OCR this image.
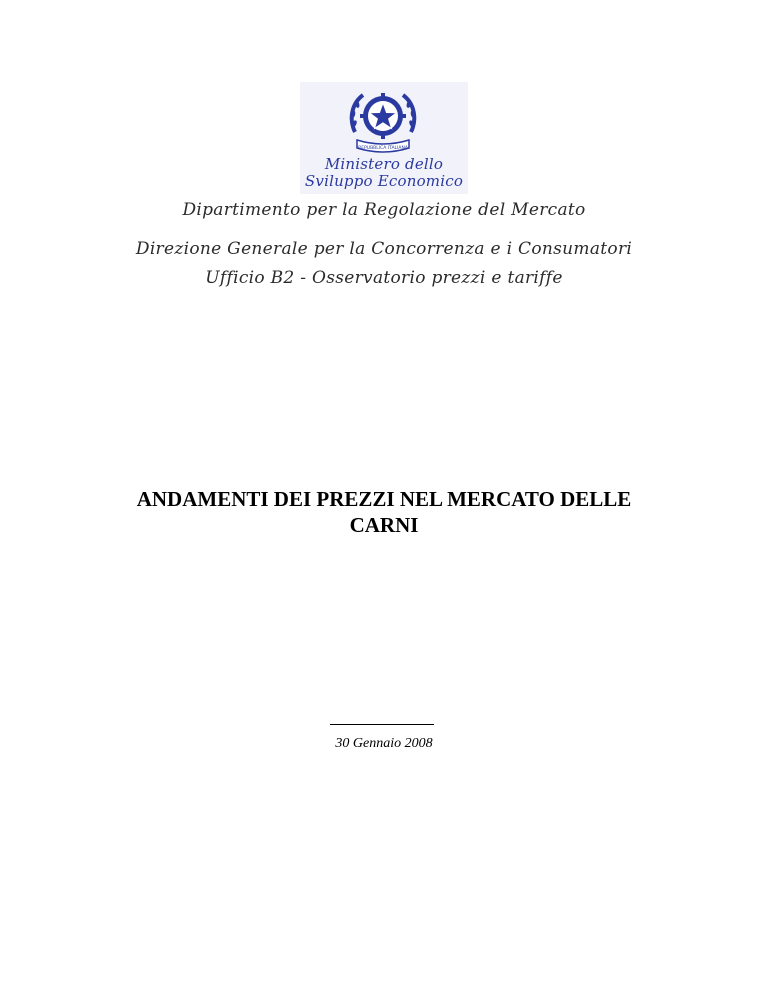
REPUBBLICA ITALIANA
Ministero dello
Sviluppo Economico
Dipartimento per la Regolazione del Mercato
Direzione Generale per la Concorrenza e i Consumatori
Ufficio B2 - Osservatorio prezzi e tariffe
ANDAMENTI DEI PREZZI NEL MERCATO DELLE
CARNI
30 Gennaio 2008
